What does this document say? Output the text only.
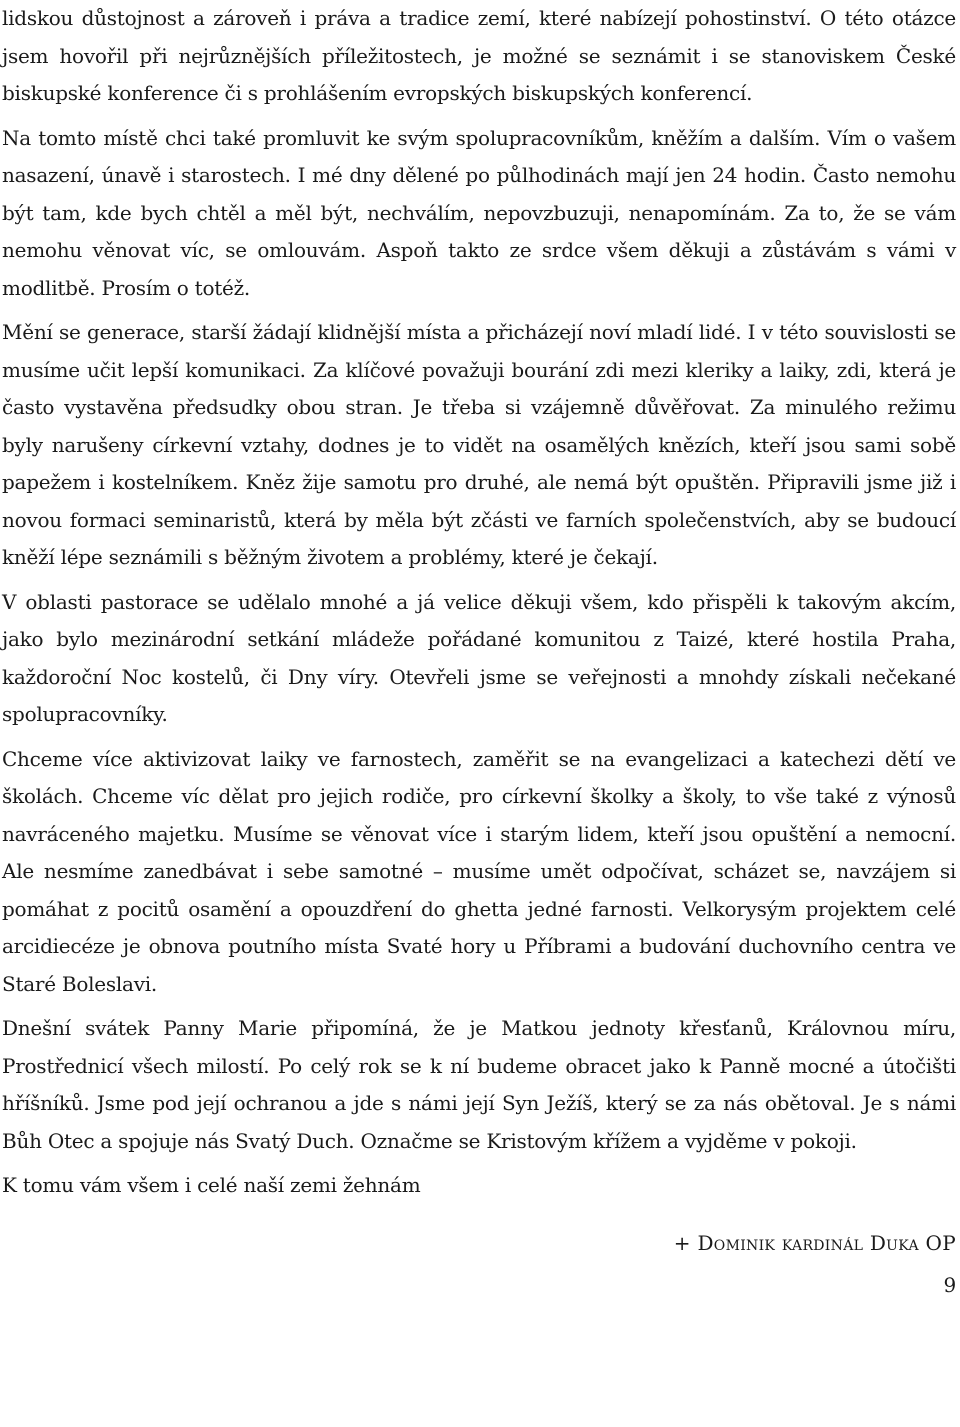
lidskou důstojnost a zároveň i práva a tradice zemí, které nabízejí pohostinství. O této otázce jsem hovořil při nejrůznějších příležitostech, je možné se seznámit i se stanoviskem České biskupské konference či s prohlášením evropských biskupských konferencí.

Na tomto místě chci také promluvit ke svým spolupracovníkům, kněžím a dalším. Vím o vašem nasazení, únavě i starostech. I mé dny dělené po půlhodinách mají jen 24 hodin. Často nemohu být tam, kde bych chtěl a měl být, nechválím, nepovzbuzuji, nenapomínám. Za to, že se vám nemohu věnovat víc, se omlouvám. Aspoň takto ze srdce všem děkuji a zůstávám s vámi v modlitbě. Prosím o totéž.

Mění se generace, starší žádají klidnější místa a přicházejí noví mladí lidé. I v této souvislosti se musíme učit lepší komunikaci. Za klíčové považuji bourání zdi mezi kleriky a laiky, zdi, která je často vystavěna předsudky obou stran. Je třeba si vzájemně důvěřovat. Za minulého režimu byly narušeny církevní vztahy, dodnes je to vidět na osamělých knězích, kteří jsou sami sobě papežem i kostelníkem. Kněz žije samotu pro druhé, ale nemá být opuštěn. Připravili jsme již i novou formaci seminaristů, která by měla být zčásti ve farních společenstvích, aby se budoucí kněží lépe seznámili s běžným životem a problémy, které je čekají.

V oblasti pastorace se udělalo mnohé a já velice děkuji všem, kdo přispěli k takovým akcím, jako bylo mezinárodní setkání mládeže pořádané komunitou z Taizé, které hostila Praha, každoroční Noc kostelů, či Dny víry. Otevřeli jsme se veřejnosti a mnohdy získali nečekané spolupracovníky.

Chceme více aktivizovat laiky ve farnostech, zaměřit se na evangelizaci a katechezi dětí ve školách. Chceme víc dělat pro jejich rodiče, pro církevní školky a školy, to vše také z výnosů navráceného majetku. Musíme se věnovat více i starým lidem, kteří jsou opuštění a nemocní. Ale nesmíme zanedbávat i sebe samotné – musíme umět odpočívat, scházet se, navzájem si pomáhat z pocitů osamění a opouzdření do ghetta jedné farnosti. Velkorysým projektem celé arcidiecéze je obnova poutního místa Svaté hory u Příbrami a budování duchovního centra ve Staré Boleslavi.

Dnešní svátek Panny Marie připomíná, že je Matkou jednoty křesťanů, Královnou míru, Prostřednicí všech milostí. Po celý rok se k ní budeme obracet jako k Panně mocné a útočišti hříšníků. Jsme pod její ochranou a jde s námi její Syn Ježíš, který se za nás obětoval. Je s námi Bůh Otec a spojuje nás Svatý Duch. Označme se Kristovým křížem a vyjděme v pokoji.

K tomu vám všem i celé naší zemi žehnám

+ Dominik kardinál Duka OP
9
